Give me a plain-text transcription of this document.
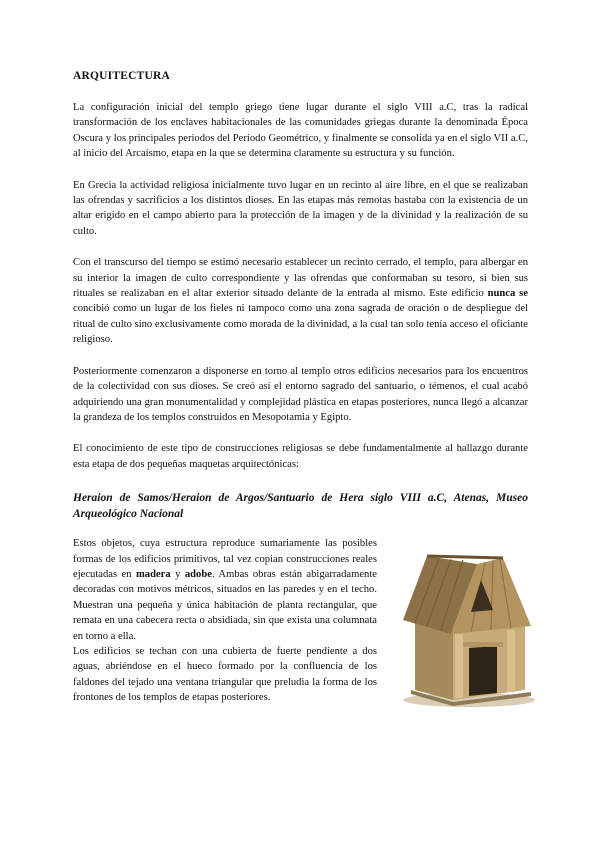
ARQUITECTURA

La configuración inicial del templo griego tiene lugar durante el siglo VIII a.C, tras la radical transformación de los enclaves habitacionales de las comunidades griegas durante la denominada Época Oscura y los principales periodos del Periodo Geométrico, y finalmente se consolida ya en el siglo VII a.C, al inicio del Arcaísmo, etapa en la que se determina claramente su estructura y su función.

En Grecia la actividad religiosa inicialmente tuvo lugar en un recinto al aire libre, en el que se realizaban las ofrendas y sacrificios a los distintos dioses. En las etapas más remotas bastaba con la existencia de un altar erigido en el campo abierto para la protección de la imagen y de la divinidad y la realización de su culto.

Con el transcurso del tiempo se estimó necesario establecer un recinto cerrado, el templo, para albergar en su interior la imagen de culto correspondiente y las ofrendas que conformaban su tesoro, si bien sus rituales se realizaban en el altar exterior situado delante de la entrada al mismo. Este edificio nunca se concibió como un lugar de los fieles ni tampoco como una zona sagrada de oración o de despliegue del ritual de culto sino exclusivamente como morada de la divinidad, a la cual tan solo tenía acceso el oficiante religioso.

Posteriormente comenzaron a disponerse en torno al templo otros edificios necesarios para los encuentros de la colectividad con sus dioses. Se creó así el entorno sagrado del santuario, o témenos, el cual acabó adquiriendo una gran monumentalidad y complejidad plástica en etapas posteriores, nunca llegó a alcanzar la grandeza de los templos construidos en Mesopotamia y Egipto.

El conocimiento de este tipo de construcciones religiosas se debe fundamentalmente al hallazgo durante esta etapa de dos pequeñas maquetas arquitectónicas:

Heraion de Samos/Heraion de Argos/Santuario de Hera siglo VIII a.C, Atenas, Museo Arqueológico Nacional

Estos objetos, cuya estructura reproduce sumariamente las posibles formas de los edificios primitivos, tal vez copian construcciones reales ejecutadas en madera y adobe. Ambas obras están abigarradamente decoradas con motivos métricos, situados en las paredes y en el techo. Muestran una pequeña y única habitación de planta rectangular, que remata en una cabecera recta o absidiada, sin que exista una columnata en torno a ella.

Los edificios se techan con una cubierta de fuerte pendiente a dos aguas, abriéndose en el hueco formado por la confluencia de los faldones del tejado una ventana triangular que preludia la forma de los frontones de los templos de etapas posteriores.
